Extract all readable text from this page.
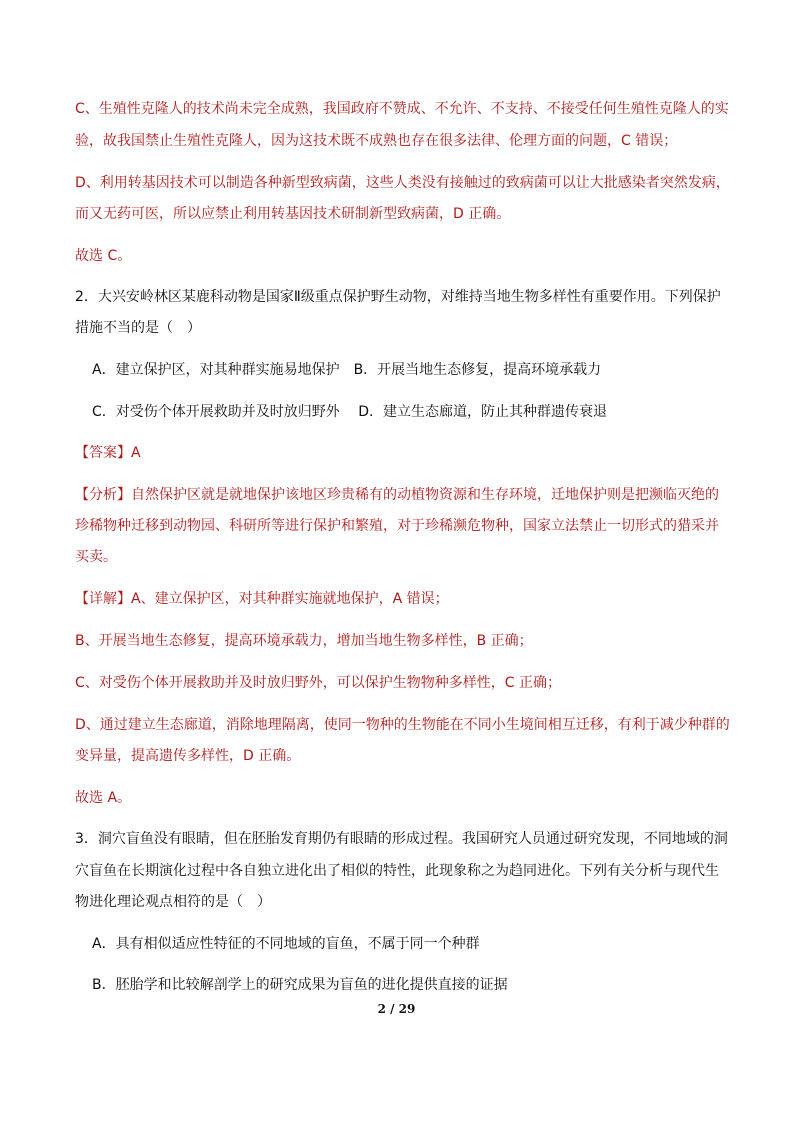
C、生殖性克隆人的技术尚未完全成熟，我国政府不赞成、不允许、不支持、不接受任何生殖性克隆人的实
验，故我国禁止生殖性克隆人，因为这技术既不成熟也存在很多法律、伦理方面的问题，C 错误；
D、利用转基因技术可以制造各种新型致病菌，这些人类没有接触过的致病菌可以让大批感染者突然发病，
而又无药可医，所以应禁止利用转基因技术研制新型致病菌，D 正确。
故选 C。
2．大兴安岭林区某鹿科动物是国家Ⅱ级重点保护野生动物，对维持当地生物多样性有重要作用。下列保护
措施不当的是（　）
A．建立保护区，对其种群实施易地保护　B．开展当地生态修复，提高环境承载力
C．对受伤个体开展救助并及时放归野外　 D．建立生态廊道，防止其种群遗传衰退
【答案】A
【分析】自然保护区就是就地保护该地区珍贵稀有的动植物资源和生存环境，迁地保护则是把濒临灭绝的
珍稀物种迁移到动物园、科研所等进行保护和繁殖，对于珍稀濒危物种，国家立法禁止一切形式的猎采并
买卖。
【详解】A、建立保护区，对其种群实施就地保护，A 错误；
B、开展当地生态修复，提高环境承载力，增加当地生物多样性，B 正确；
C、对受伤个体开展救助并及时放归野外，可以保护生物物种多样性，C 正确；
D、通过建立生态廊道，消除地理隔离，使同一物种的生物能在不同小生境间相互迁移，有利于减少种群的
变异量，提高遗传多样性，D 正确。
故选 A。
3．洞穴盲鱼没有眼睛，但在胚胎发育期仍有眼睛的形成过程。我国研究人员通过研究发现，不同地域的洞
穴盲鱼在长期演化过程中各自独立进化出了相似的特性，此现象称之为趋同进化。下列有关分析与现代生
物进化理论观点相符的是（　）
A．具有相似适应性特征的不同地域的盲鱼，不属于同一个种群
B．胚胎学和比较解剖学上的研究成果为盲鱼的进化提供直接的证据
2 / 29
